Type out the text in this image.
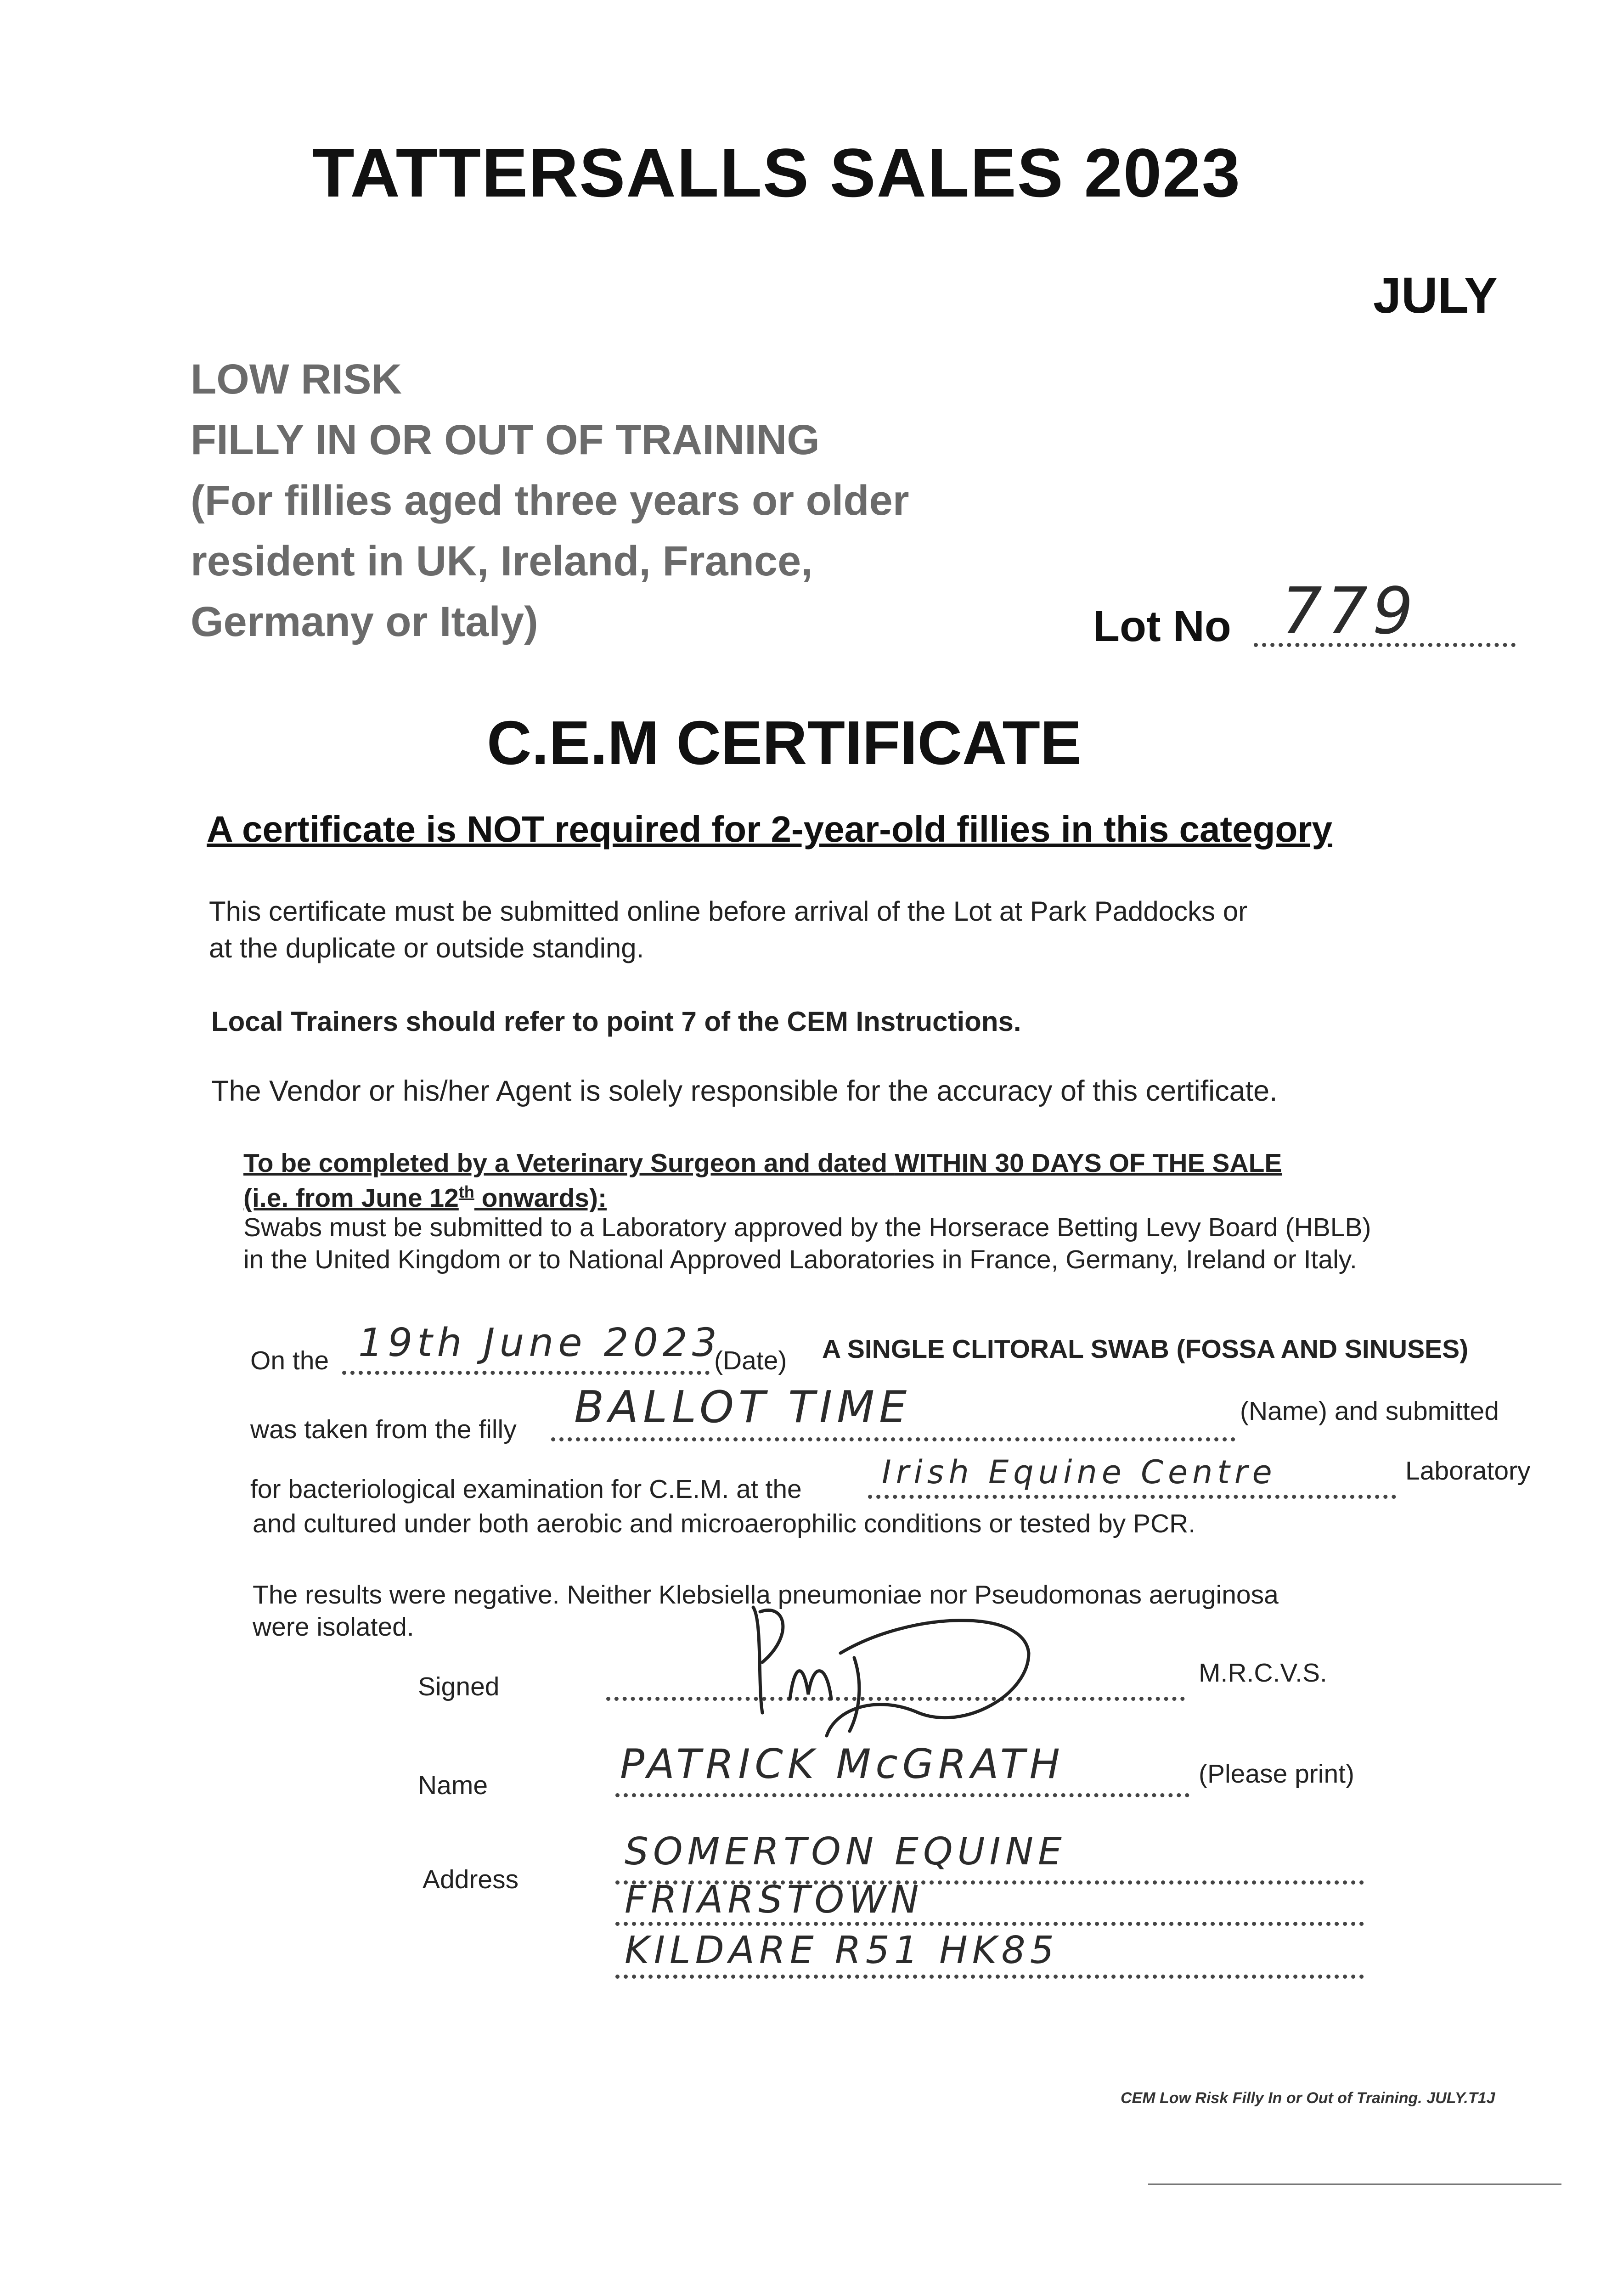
TATTERSALLS SALES 2023
JULY
LOW RISK
FILLY IN OR OUT OF TRAINING
(For fillies aged three years or older
resident in UK, Ireland, France,
Germany or Italy)	Lot No 779
C.E.M CERTIFICATE
A certificate is NOT required for 2-year-old fillies in this category
This certificate must be submitted online before arrival of the Lot at Park Paddocks or
at the duplicate or outside standing.
Local Trainers should refer to point 7 of the CEM Instructions.
The Vendor or his/her Agent is solely responsible for the accuracy of this certificate.
To be completed by a Veterinary Surgeon and dated WITHIN 30 DAYS OF THE SALE
(i.e. from June 12th onwards):
Swabs must be submitted to a Laboratory approved by the Horserace Betting Levy Board (HBLB)
in the United Kingdom or to National Approved Laboratories in France, Germany, Ireland or Italy.
On the 19th June 2023
(Date) A SINGLE CLITORAL SWAB (FOSSA AND SINUSES)
was taken from the filly BALLOT TIME	(Name) and submitted
for bacteriological examination for C.E.M. at the Irish Equine Centre	Laboratory
and cultured under both aerobic and microaerophilic conditions or tested by PCR.
The results were negative. Neither Klebsiella pneumoniae nor Pseudomonas aeruginosa
were isolated.
Signed	M.R.C.V.S.
Name	PATRICK McGRATH	(Please print)
Address
SOMERTON EQUINE
FRIARSTOWN
KILDARE R51 HK85
CEM Low Risk Filly In or Out of Training. JULY.T1J
